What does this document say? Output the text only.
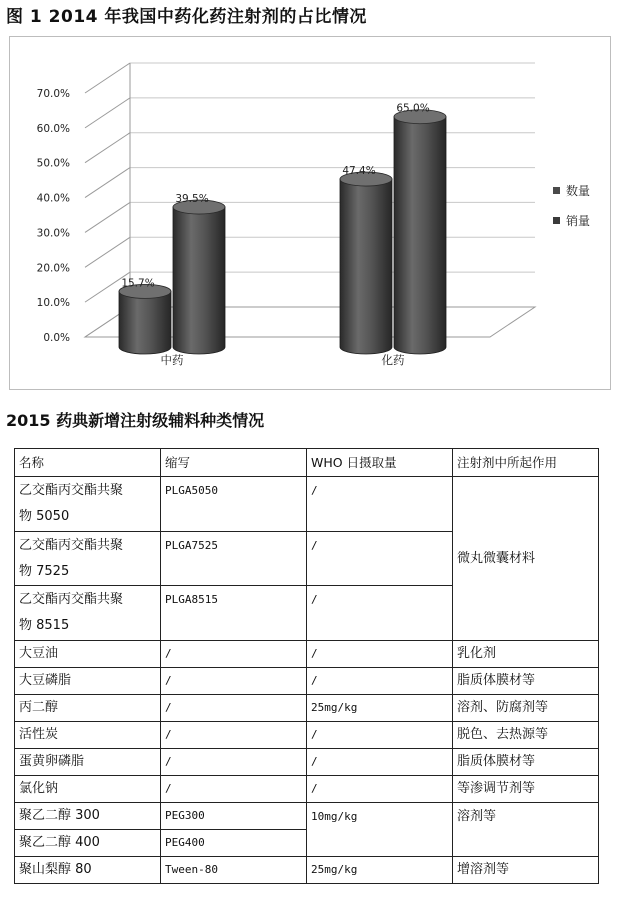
图 1 2014 年我国中药化药注射剂的占比情况
0.0%
10.0%
20.0%
30.0%
40.0%
50.0%
60.0%
70.0%
15.7%
39.5%
47.4%
65.0%
中药	化药
数量
销量
2015 药典新增注射级辅料种类情况
名称	缩写	WHO 日摄取量	注射剂中所起作用
乙交酯丙交酯共聚
物 5050	PLGA5050	/	微丸微囊材料
乙交酯丙交酯共聚
物 7525	PLGA7525	/	
乙交酯丙交酯共聚
物 8515	PLGA8515	/	
大豆油	/	/	乳化剂
大豆磷脂	/	/	脂质体膜材等
丙二醇	/	25mg/kg	溶剂、防腐剂等
活性炭	/	/	脱色、去热源等
蛋黄卵磷脂	/	/	脂质体膜材等
氯化钠	/	/	等渗调节剂等
聚乙二醇 300	PEG300	10mg/kg	溶剂等
聚乙二醇 400	PEG400		
聚山梨醇 80	Tween-80	25mg/kg	增溶剂等
